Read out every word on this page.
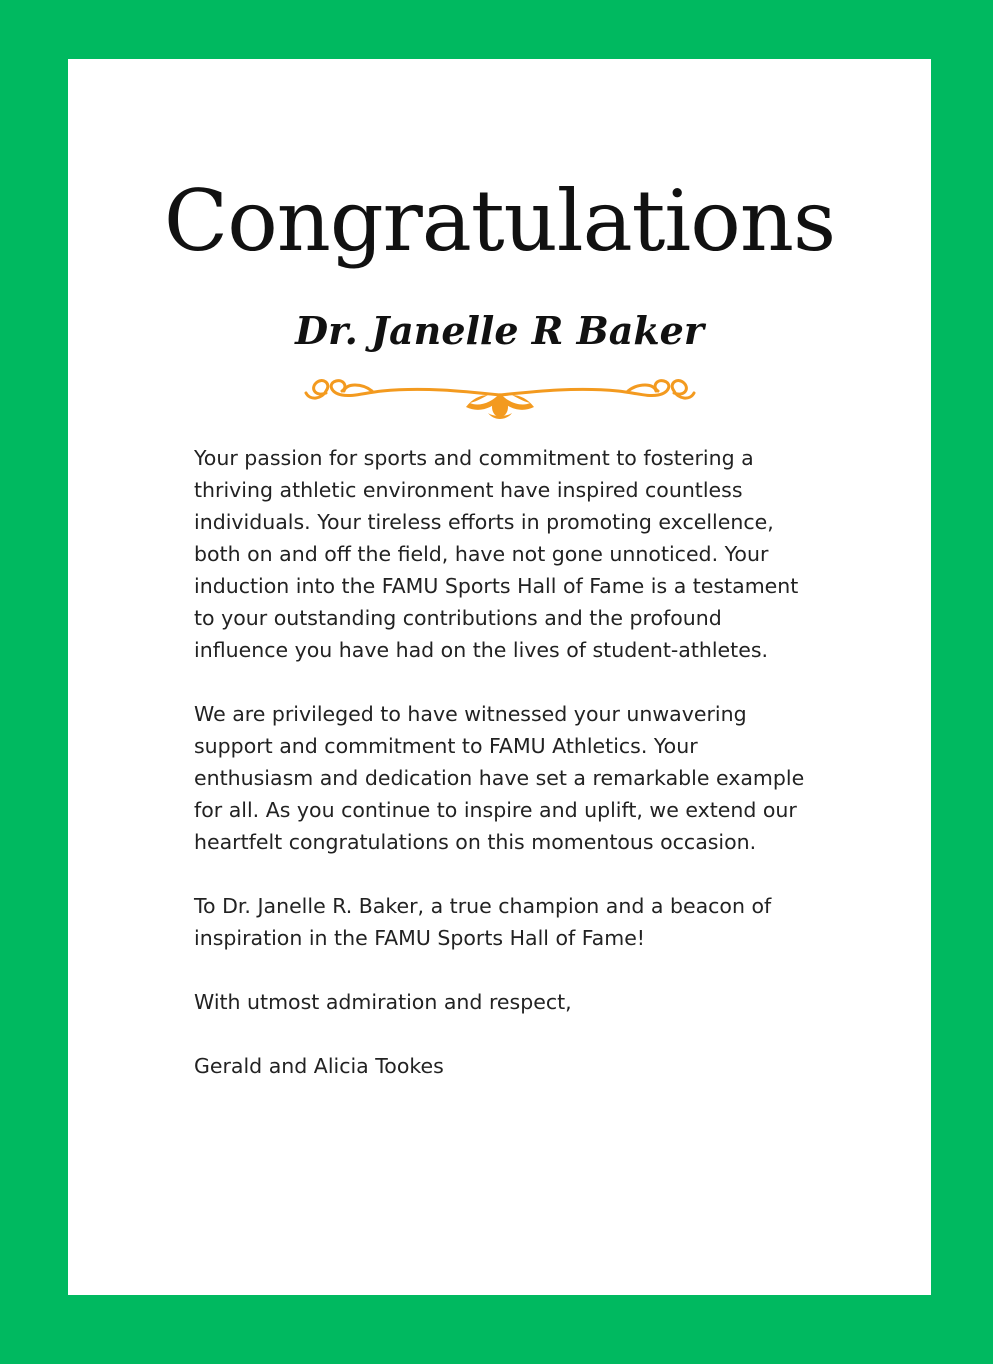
Congratulations
Dr. Janelle R Baker

Your passion for sports and commitment to fostering a thriving athletic environment have inspired countless individuals. Your tireless efforts in promoting excellence, both on and off the field, have not gone unnoticed. Your induction into the FAMU Sports Hall of Fame is a testament to your outstanding contributions and the profound influence you have had on the lives of student-athletes.

We are privileged to have witnessed your unwavering support and commitment to FAMU Athletics. Your enthusiasm and dedication have set a remarkable example for all. As you continue to inspire and uplift, we extend our heartfelt congratulations on this momentous occasion.

To Dr. Janelle R. Baker, a true champion and a beacon of inspiration in the FAMU Sports Hall of Fame!

With utmost admiration and respect,

Gerald and Alicia Tookes
